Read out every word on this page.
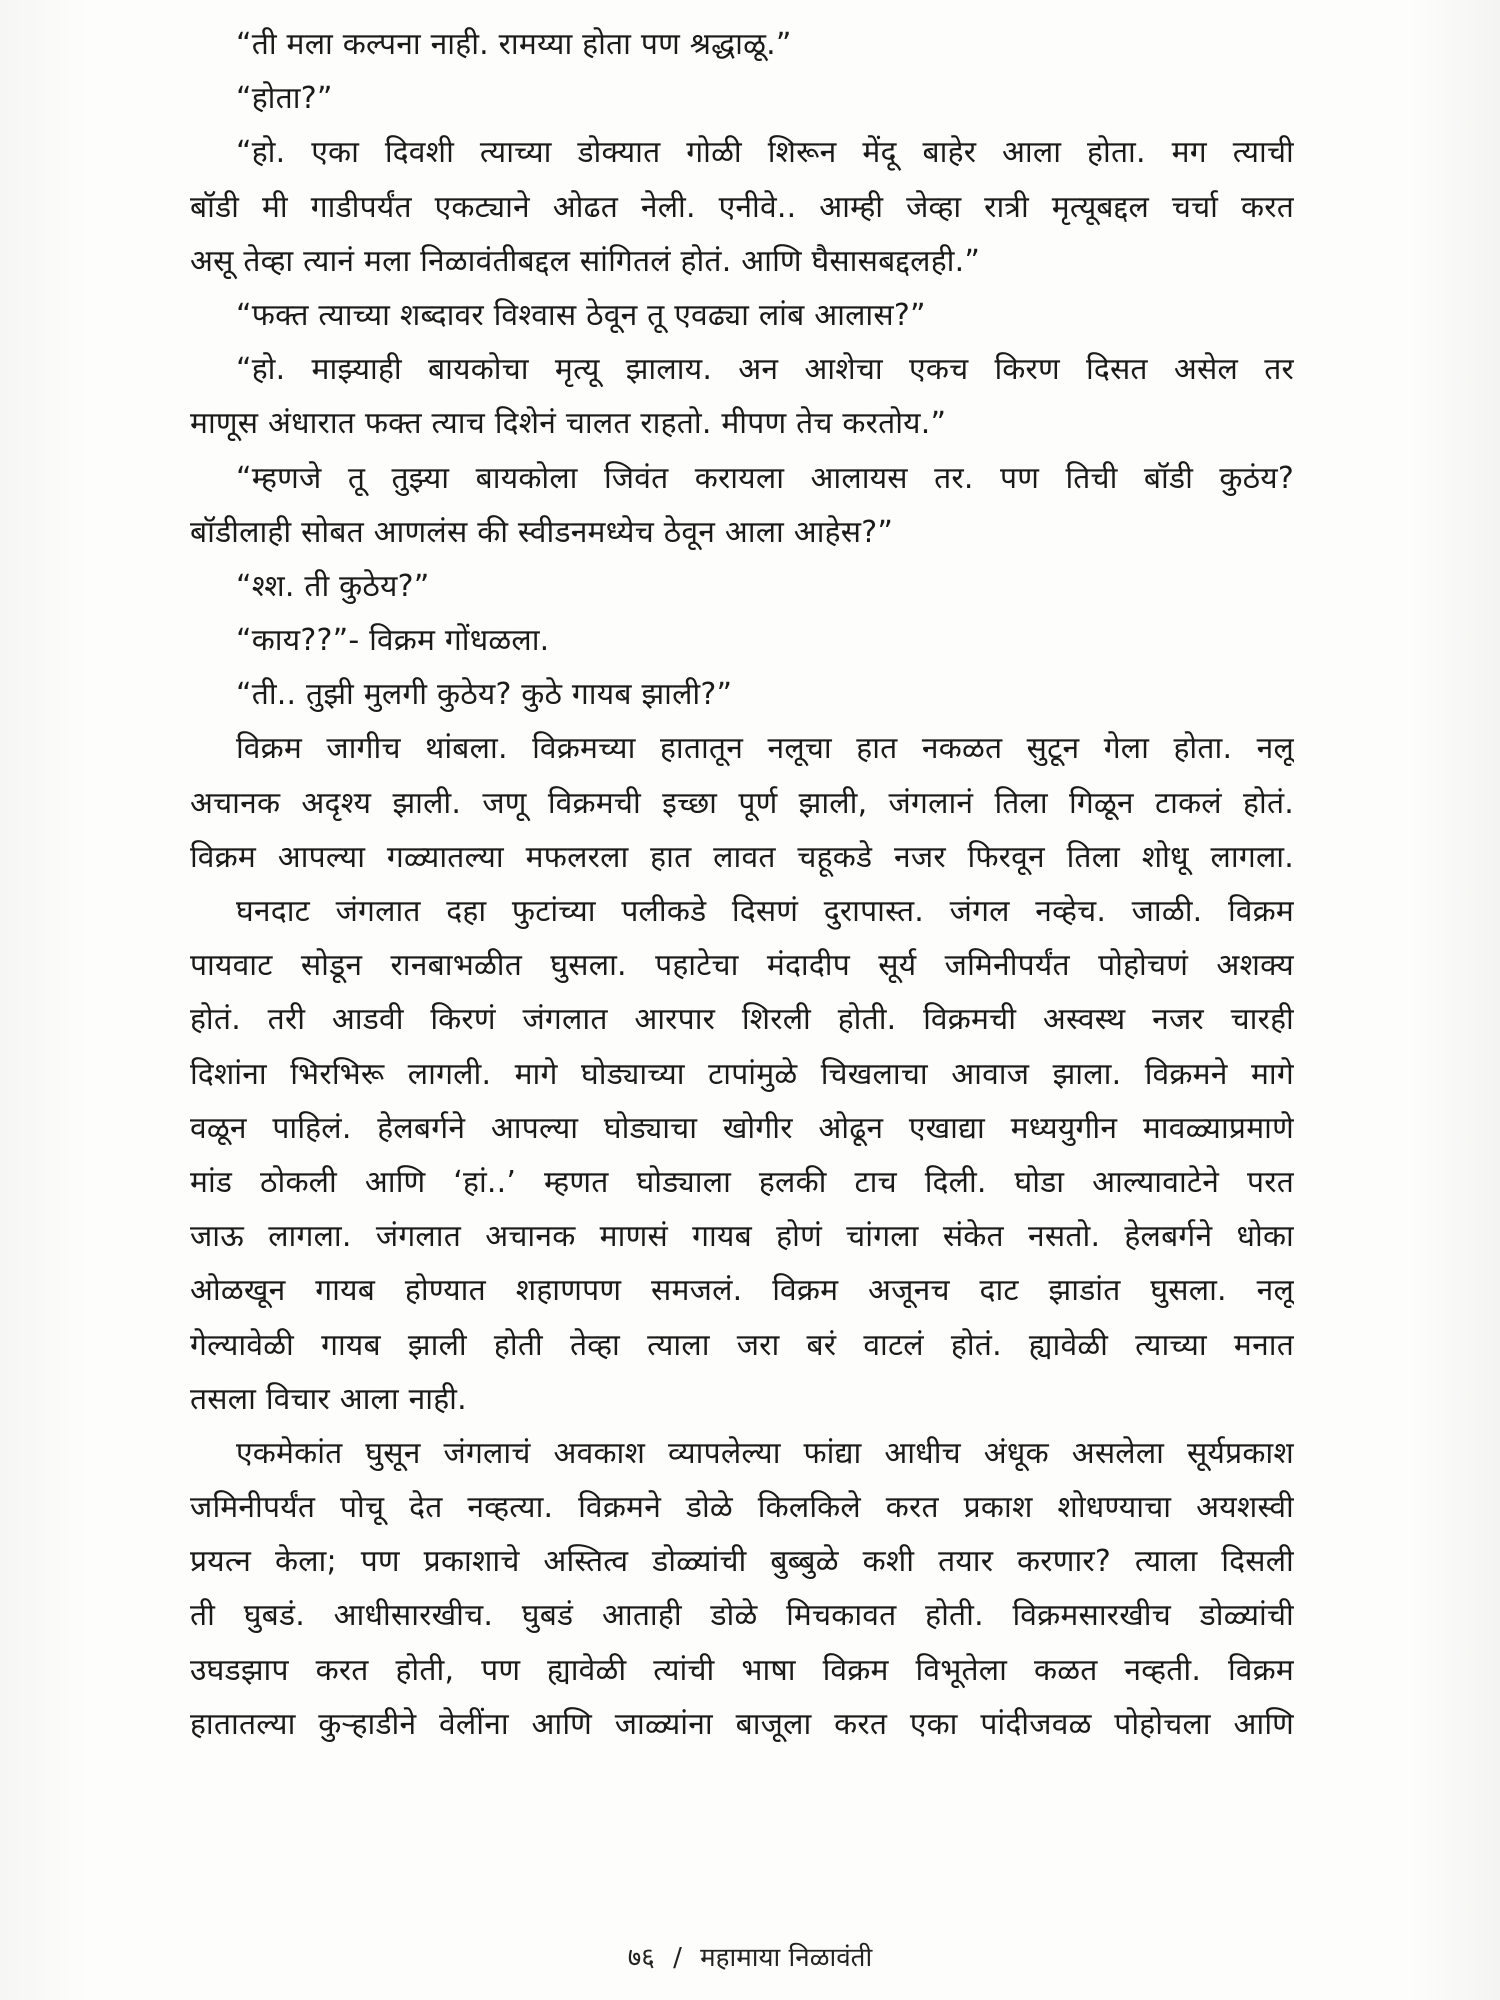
“ती मला कल्पना नाही. रामय्या होता पण श्रद्धाळू.”
“होता?”
“हो. एका दिवशी त्याच्या डोक्यात गोळी शिरून मेंदू बाहेर आला होता. मग त्याची
बॉडी मी गाडीपर्यंत एकट्याने ओढत नेली. एनीवे.. आम्ही जेव्हा रात्री मृत्यूबद्दल चर्चा करत
असू तेव्हा त्यानं मला निळावंतीबद्दल सांगितलं होतं. आणि घैसासबद्दलही.”
“फक्त त्याच्या शब्दावर विश्वास ठेवून तू एवढ्या लांब आलास?”
“हो. माझ्याही बायकोचा मृत्यू झालाय. अन आशेचा एकच किरण दिसत असेल तर
माणूस अंधारात फक्त त्याच दिशेनं चालत राहतो. मीपण तेच करतोय.”
“म्हणजे तू तुझ्या बायकोला जिवंत करायला आलायस तर. पण तिची बॉडी कुठंय?
बॉडीलाही सोबत आणलंस की स्वीडनमध्येच ठेवून आला आहेस?”
“श्श. ती कुठेय?”
“काय??”- विक्रम गोंधळला.
“ती.. तुझी मुलगी कुठेय? कुठे गायब झाली?”
विक्रम जागीच थांबला. विक्रमच्या हातातून नलूचा हात नकळत सुटून गेला होता. नलू
अचानक अदृश्य झाली. जणू विक्रमची इच्छा पूर्ण झाली, जंगलानं तिला गिळून टाकलं होतं.
विक्रम आपल्या गळ्यातल्या मफलरला हात लावत चहूकडे नजर फिरवून तिला शोधू लागला.
घनदाट जंगलात दहा फुटांच्या पलीकडे दिसणं दुरापास्त. जंगल नव्हेच. जाळी. विक्रम
पायवाट सोडून रानबाभळीत घुसला. पहाटेचा मंदादीप सूर्य जमिनीपर्यंत पोहोचणं अशक्य
होतं. तरी आडवी किरणं जंगलात आरपार शिरली होती. विक्रमची अस्वस्थ नजर चारही
दिशांना भिरभिरू लागली. मागे घोड्याच्या टापांमुळे चिखलाचा आवाज झाला. विक्रमने मागे
वळून पाहिलं. हेलबर्गने आपल्या घोड्याचा खोगीर ओढून एखाद्या मध्ययुगीन मावळ्याप्रमाणे
मांड ठोकली आणि ‘हां..’ म्हणत घोड्याला हलकी टाच दिली. घोडा आल्यावाटेने परत
जाऊ लागला. जंगलात अचानक माणसं गायब होणं चांगला संकेत नसतो. हेलबर्गने धोका
ओळखून गायब होण्यात शहाणपण समजलं. विक्रम अजूनच दाट झाडांत घुसला. नलू
गेल्यावेळी गायब झाली होती तेव्हा त्याला जरा बरं वाटलं होतं. ह्यावेळी त्याच्या मनात
तसला विचार आला नाही.
एकमेकांत घुसून जंगलाचं अवकाश व्यापलेल्या फांद्या आधीच अंधूक असलेला सूर्यप्रकाश
जमिनीपर्यंत पोचू देत नव्हत्या. विक्रमने डोळे किलकिले करत प्रकाश शोधण्याचा अयशस्वी
प्रयत्न केला; पण प्रकाशाचे अस्तित्व डोळ्यांची बुब्बुळे कशी तयार करणार? त्याला दिसली
ती घुबडं. आधीसारखीच. घुबडं आताही डोळे मिचकावत होती. विक्रमसारखीच डोळ्यांची
उघडझाप करत होती, पण ह्यावेळी त्यांची भाषा विक्रम विभूतेला कळत नव्हती. विक्रम
हातातल्या कुऱ्हाडीने वेलींना आणि जाळ्यांना बाजूला करत एका पांदीजवळ पोहोचला आणि
७६ / महामाया निळावंती
